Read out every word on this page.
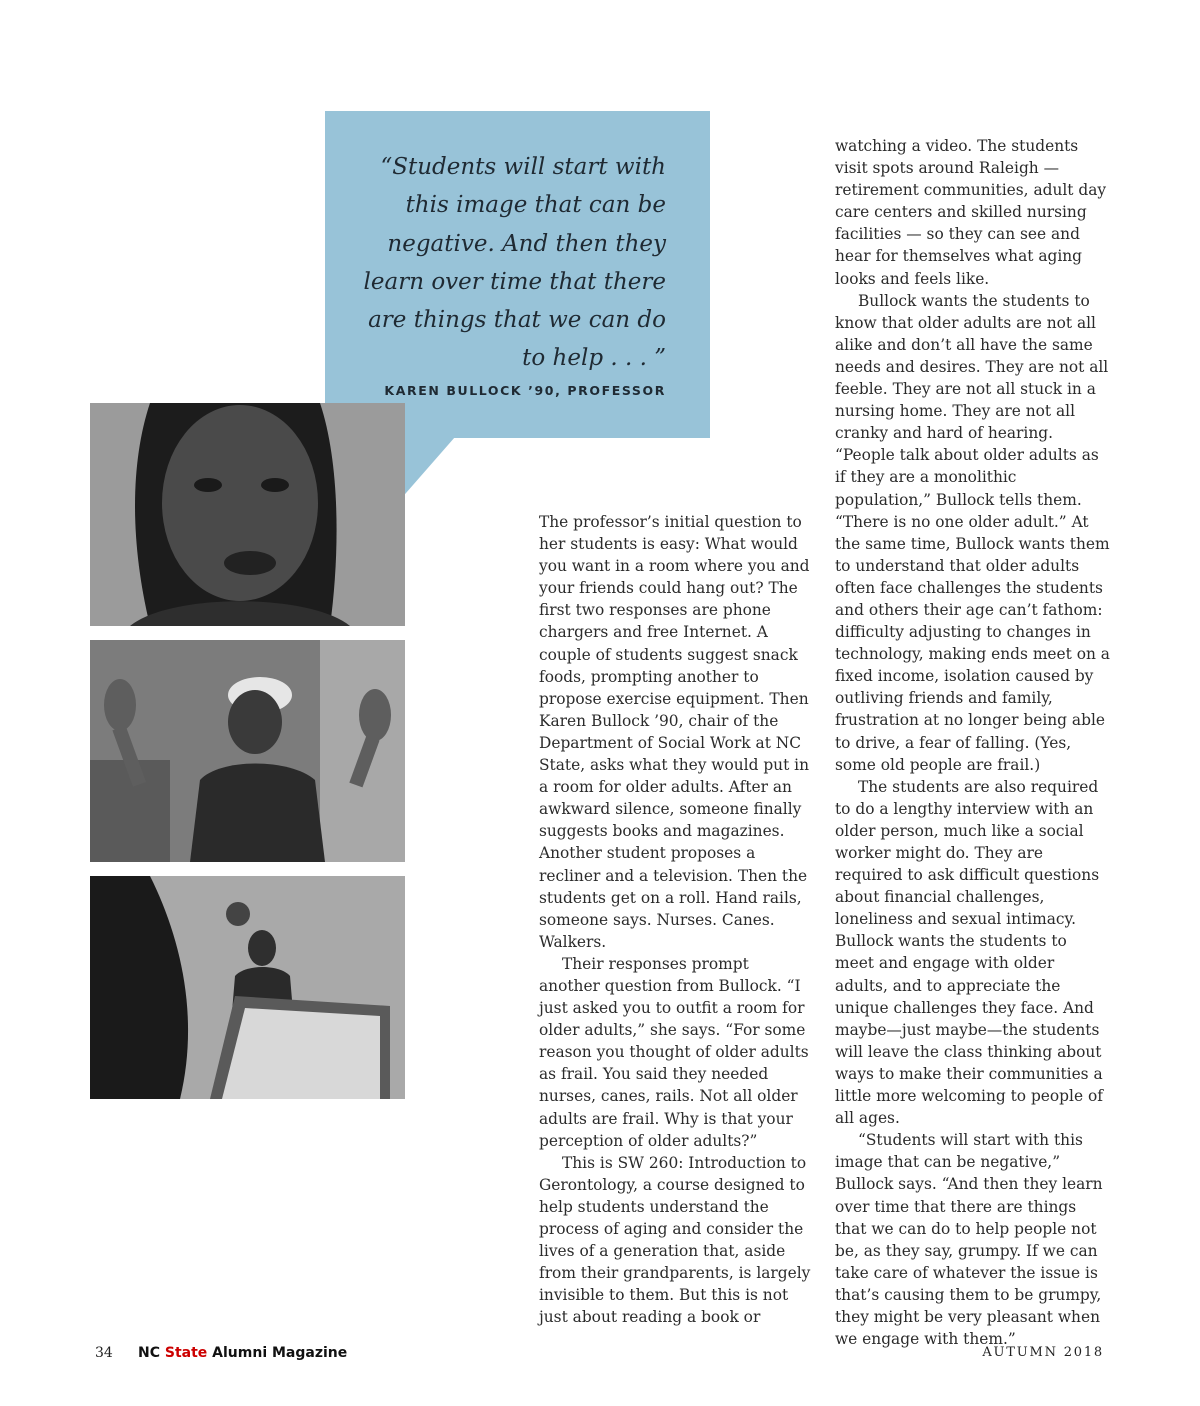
“Students will start with this image that can be negative. And then they learn over time that there are things that we can do to help . . . ”
KAREN BULLOCK ’90, PROFESSOR

The professor’s initial question to her students is easy: What would you want in a room where you and your friends could hang out? The first two responses are phone chargers and free Internet. A couple of students suggest snack foods, prompting another to propose exercise equipment. Then Karen Bullock ’90, chair of the Department of Social Work at NC State, asks what they would put in a room for older adults. After an awkward silence, someone finally suggests books and magazines. Another student proposes a recliner and a television. Then the students get on a roll. Hand rails, someone says. Nurses. Canes. Walkers.

Their responses prompt another question from Bullock. “I just asked you to outfit a room for older adults,” she says. “For some reason you thought of older adults as frail. You said they needed nurses, canes, rails. Not all older adults are frail. Why is that your perception of older adults?”

This is SW 260: Introduction to Gerontology, a course designed to help students understand the process of aging and consider the lives of a generation that, aside from their grandparents, is largely invisible to them. But this is not just about reading a book or

watching a video. The students visit spots around Raleigh — retirement communities, adult day care centers and skilled nursing facilities — so they can see and hear for themselves what aging looks and feels like.

Bullock wants the students to know that older adults are not all alike and don’t all have the same needs and desires. They are not all feeble. They are not all stuck in a nursing home. They are not all cranky and hard of hearing. “People talk about older adults as if they are a monolithic population,” Bullock tells them. “There is no one older adult.” At the same time, Bullock wants them to understand that older adults often face challenges the students and others their age can’t fathom: difficulty adjusting to changes in technology, making ends meet on a fixed income, isolation caused by outliving friends and family, frustration at no longer being able to drive, a fear of falling. (Yes, some old people are frail.)

The students are also required to do a lengthy interview with an older person, much like a social worker might do. They are required to ask difficult questions about financial challenges, loneliness and sexual intimacy. Bullock wants the students to meet and engage with older adults, and to appreciate the unique challenges they face. And maybe—just maybe—the students will leave the class thinking about ways to make their communities a little more welcoming to people of all ages.

“Students will start with this image that can be negative,” Bullock says. “And then they learn over time that there are things that we can do to help people not be, as they say, grumpy. If we can take care of whatever the issue is that’s causing them to be grumpy, they might be very pleasant when we engage with them.”

34 NC State Alumni Magazine	AUTUMN 2018
